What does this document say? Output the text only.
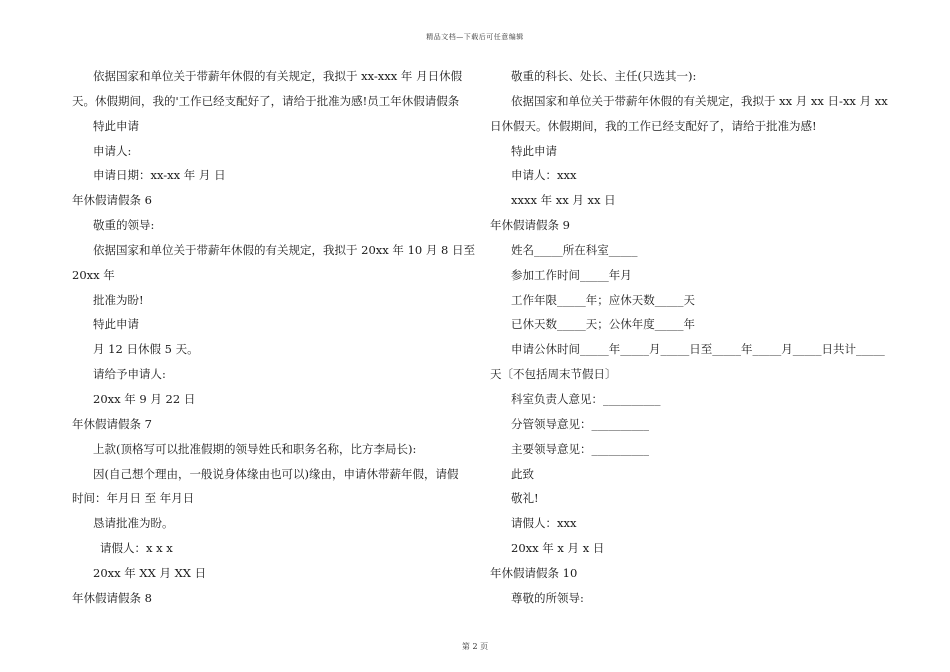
精品文档—下载后可任意编辑
依据国家和单位关于带薪年休假的有关规定，我拟于 xx-xxx 年 月日休假
天。休假期间，我的'工作已经支配好了，请给于批准为感!员工年休假请假条
特此申请
申请人:
申请日期：xx-xx 年 月 日
年休假请假条 6
敬重的领导:
依据国家和单位关于带薪年休假的有关规定，我拟于 20xx 年 10 月 8 日至
20xx 年
批准为盼!
特此申请
月 12 日休假 5 天。
请给予申请人:
20xx 年 9 月 22 日
年休假请假条 7
上款(顶格写可以批准假期的领导姓氏和职务名称，比方李局长):
因(自己想个理由，一般说身体缘由也可以)缘由，申请休带薪年假，请假
时间：年月日 至 年月日
恳请批准为盼。
请假人：x x x
20xx 年 XX 月 XX 日
年休假请假条 8
敬重的科长、处长、主任(只选其一):
依据国家和单位关于带薪年休假的有关规定，我拟于 xx 月 xx 日-xx 月 xx
日休假天。休假期间，我的工作已经支配好了，请给于批准为感!
特此申请
申请人：xxx
xxxx 年 xx 月 xx 日
年休假请假条 9
姓名_____所在科室_____
参加工作时间_____年月
工作年限_____年；应休天数_____天
已休天数_____天；公休年度_____年
申请公休时间_____年_____月_____日至_____年_____月_____日共计_____
天〔不包括周末节假日〕
科室负责人意见：__________
分管领导意见：__________
主要领导意见：__________
此致
敬礼!
请假人：xxx
20xx 年 x 月 x 日
年休假请假条 10
尊敬的所领导:
第 2 页
